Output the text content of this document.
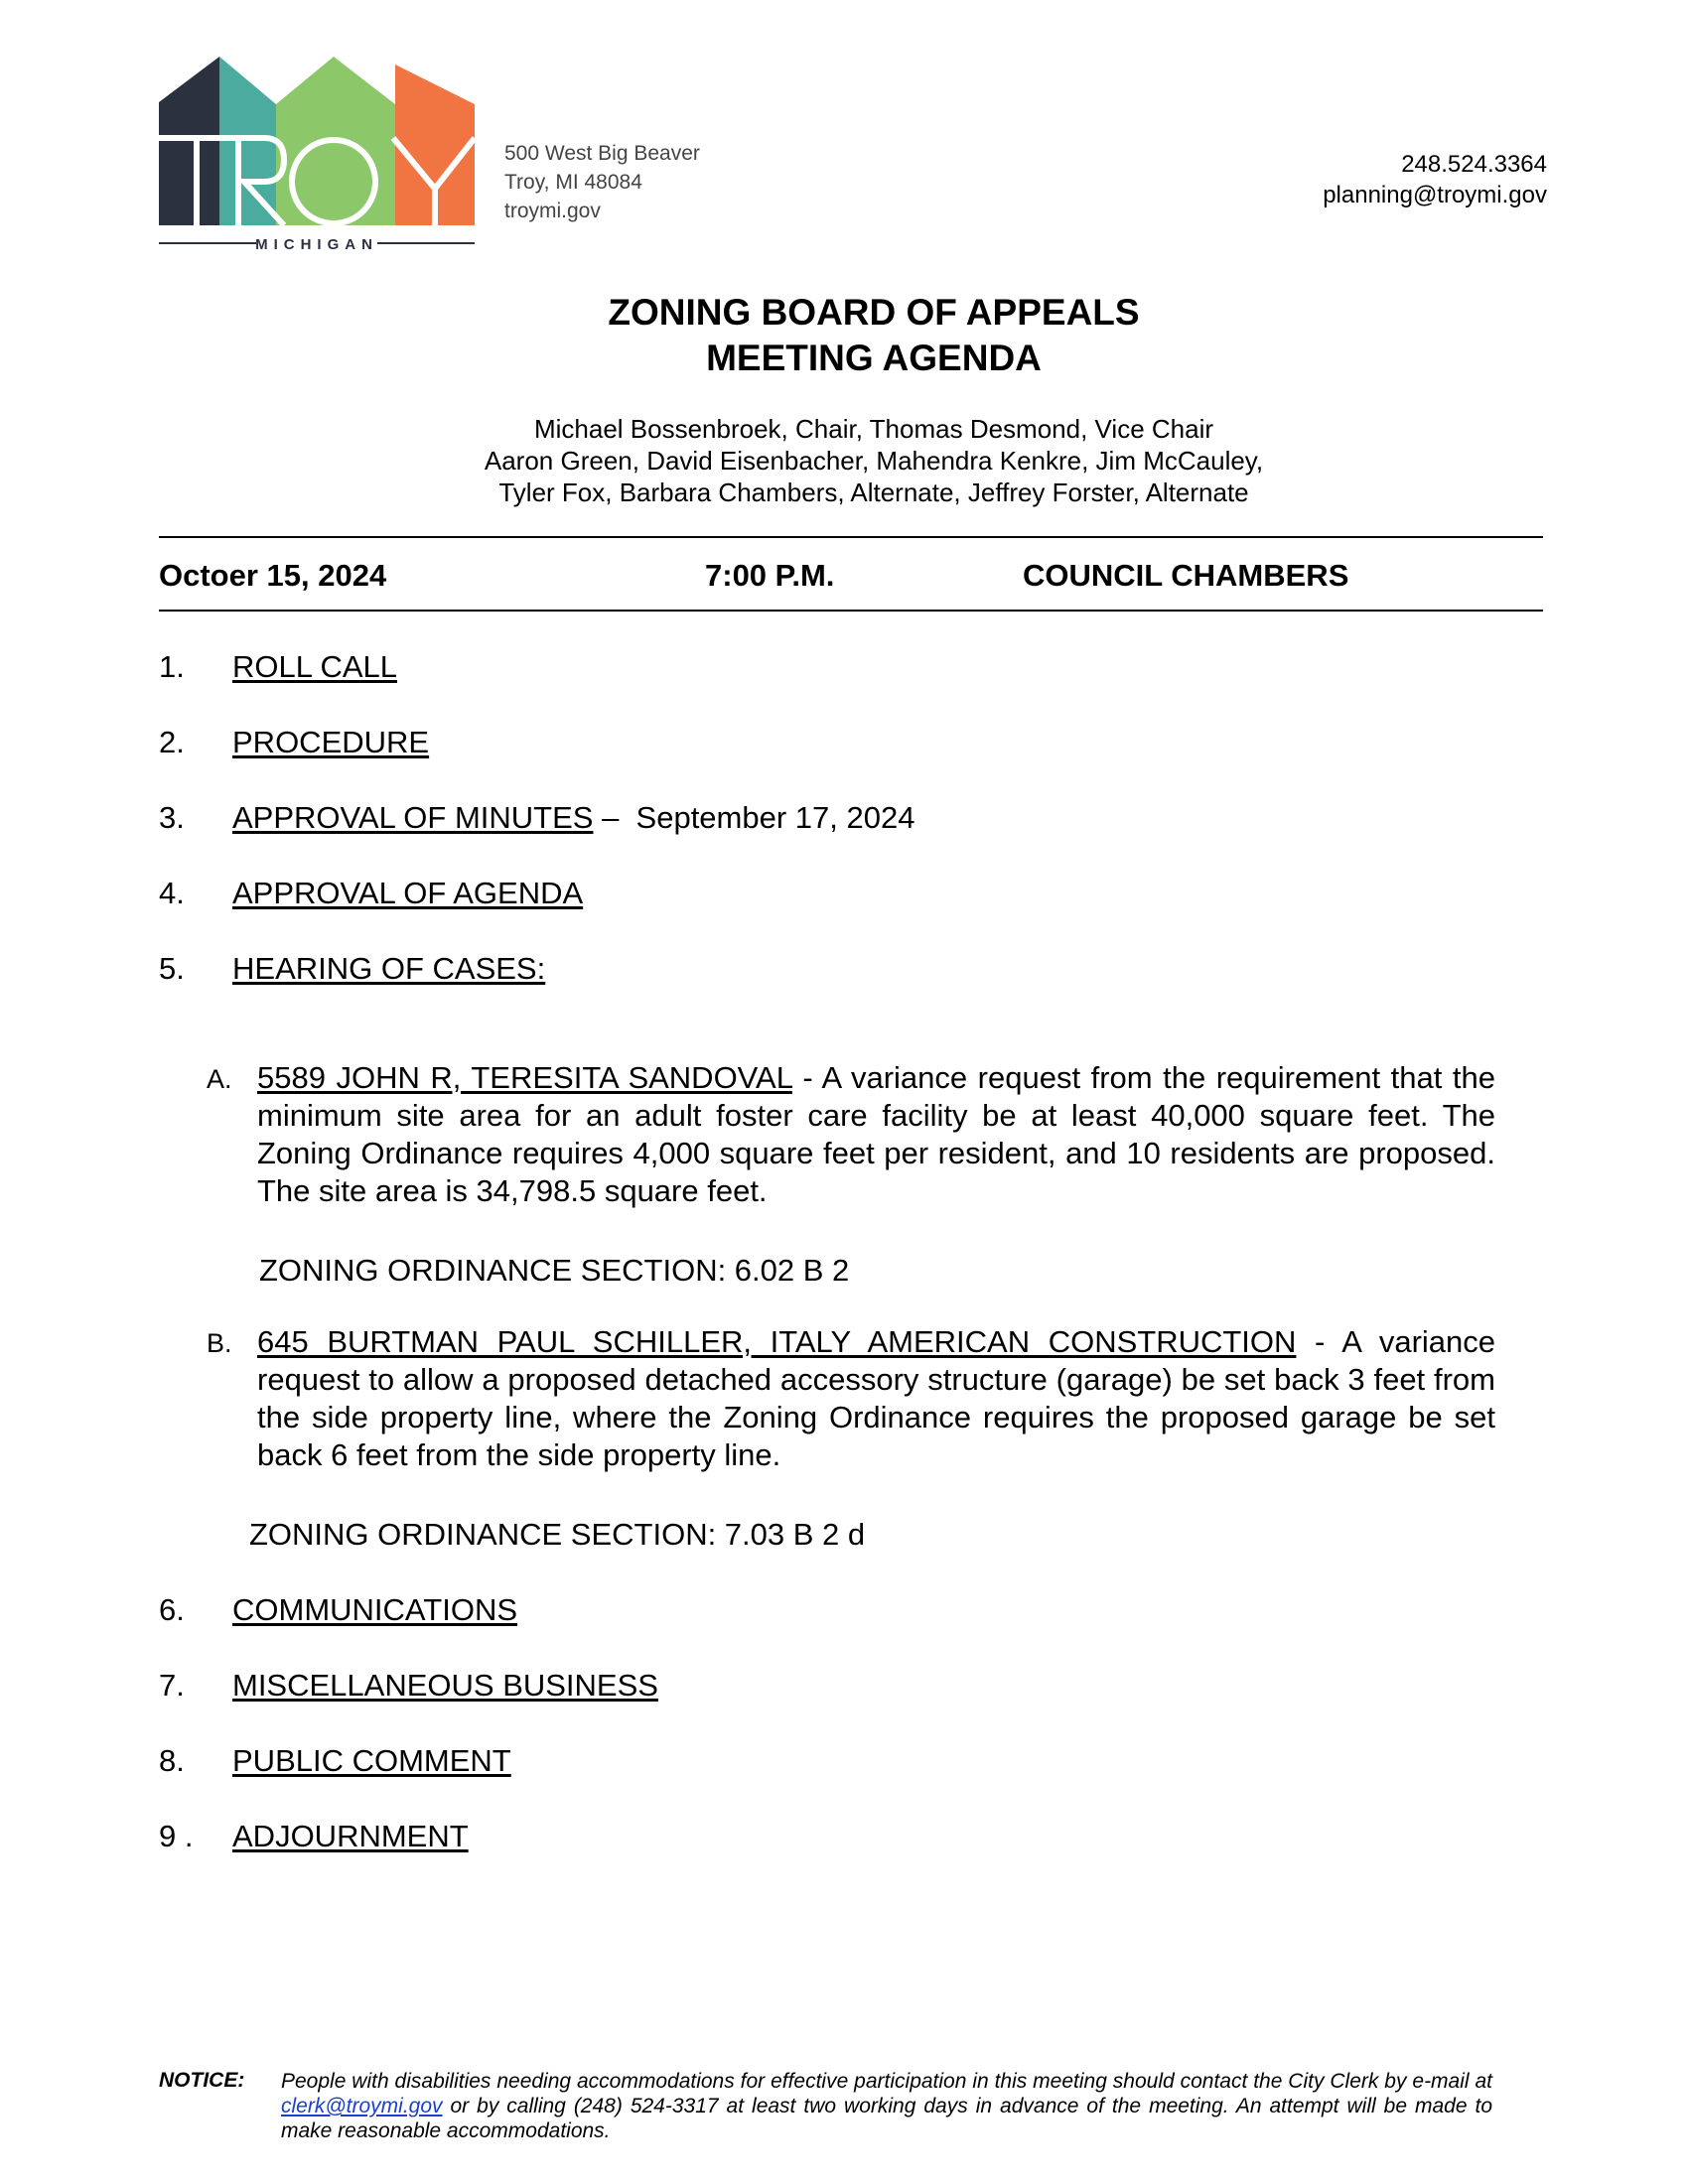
MICHIGAN
500 West Big Beaver
Troy, MI 48084
troymi.gov
248.524.3364
planning@troymi.gov
ZONING BOARD OF APPEALS
MEETING AGENDA
Michael Bossenbroek, Chair, Thomas Desmond, Vice Chair
Aaron Green, David Eisenbacher, Mahendra Kenkre, Jim McCauley,
Tyler Fox, Barbara Chambers, Alternate, Jeffrey Forster, Alternate
Octoer 15, 2024	7:00 P.M.	COUNCIL CHAMBERS
1. ROLL CALL
2. PROCEDURE
3. APPROVAL OF MINUTES –  September 17, 2024
4. APPROVAL OF AGENDA
5. HEARING OF CASES:
A. 5589 JOHN R, TERESITA SANDOVAL - A variance request from the requirement that the minimum site area for an adult foster care facility be at least 40,000 square feet. The Zoning Ordinance requires 4,000 square feet per resident, and 10 residents are proposed. The site area is 34,798.5 square feet.
ZONING ORDINANCE SECTION: 6.02 B 2
B. 645 BURTMAN PAUL SCHILLER, ITALY AMERICAN CONSTRUCTION - A variance request to allow a proposed detached accessory structure (garage) be set back 3 feet from the side property line, where the Zoning Ordinance requires the proposed garage be set back 6 feet from the side property line.
ZONING ORDINANCE SECTION: 7.03 B 2 d
6. COMMUNICATIONS
7. MISCELLANEOUS BUSINESS
8. PUBLIC COMMENT
9 . ADJOURNMENT
NOTICE: People with disabilities needing accommodations for effective participation in this meeting should contact the City Clerk by e-mail at clerk@troymi.gov or by calling (248) 524-3317 at least two working days in advance of the meeting. An attempt will be made to make reasonable accommodations.
